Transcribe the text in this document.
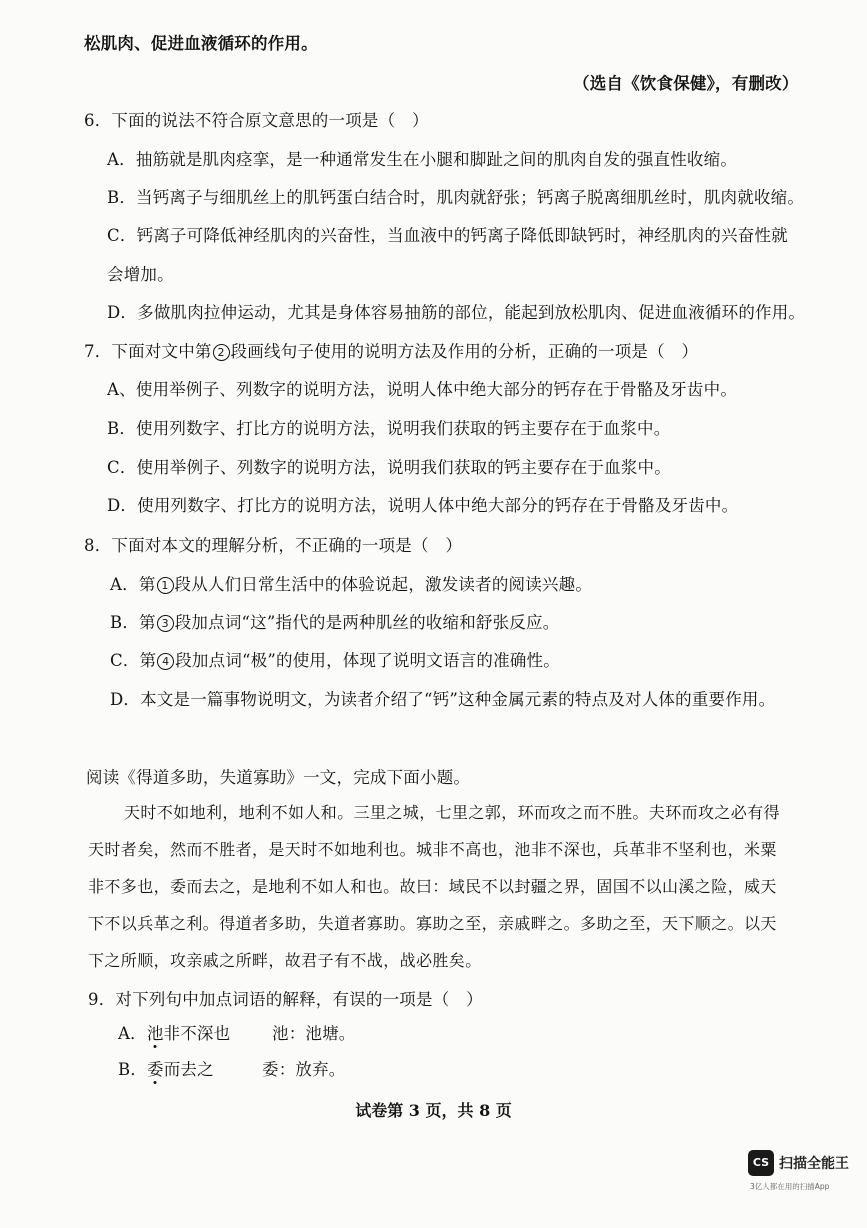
松肌肉、促进血液循环的作用。
（选自《饮食保健》，有删改）
6．下面的说法不符合原文意思的一项是（　）
A．抽筋就是肌肉痉挛，是一种通常发生在小腿和脚趾之间的肌肉自发的强直性收缩。
B．当钙离子与细肌丝上的肌钙蛋白结合时，肌肉就舒张；钙离子脱离细肌丝时，肌肉就收缩。
C．钙离子可降低神经肌肉的兴奋性，当血液中的钙离子降低即缺钙时，神经肌肉的兴奋性就
会增加。
D．多做肌肉拉伸运动，尤其是身体容易抽筋的部位，能起到放松肌肉、促进血液循环的作用。
7．下面对文中第 2 段画线句子使用的说明方法及作用的分析，正确的一项是（　）
A、使用举例子、列数字的说明方法，说明人体中绝大部分的钙存在于骨骼及牙齿中。
B．使用列数字、打比方的说明方法，说明我们获取的钙主要存在于血浆中。
C．使用举例子、列数字的说明方法，说明我们获取的钙主要存在于血浆中。
D．使用列数字、打比方的说明方法，说明人体中绝大部分的钙存在于骨骼及牙齿中。
8．下面对本文的理解分析，不正确的一项是（　）
A．第 1 段从人们日常生活中的体验说起，激发读者的阅读兴趣。
B．第 3 段加点词“这”指代的是两种肌丝的收缩和舒张反应。
C．第 4 段加点词“极”的使用，体现了说明文语言的准确性。
D．本文是一篇事物说明文，为读者介绍了“钙”这种金属元素的特点及对人体的重要作用。
阅读《得道多助，失道寡助》一文，完成下面小题。
天时不如地利，地利不如人和。三里之城，七里之郭，环而攻之而不胜。夫环而攻之必有得
天时者矣，然而不胜者，是天时不如地利也。城非不高也，池非不深也，兵革非不坚利也，米粟
非不多也，委而去之，是地利不如人和也。故曰：域民不以封疆之界，固国不以山溪之险，威天
下不以兵革之利。得道者多助，失道者寡助。寡助之至，亲戚畔之。多助之至，天下顺之。以天
下之所顺，攻亲戚之所畔，故君子有不战，战必胜矣。
9．对下列句中加点词语的解释，有误的一项是（　）
A．池非不深也	池：池塘。
B．委而去之	委：放弃。
试卷第 3 页，共 8 页
CS 扫描全能王
3亿人都在用的扫描App
